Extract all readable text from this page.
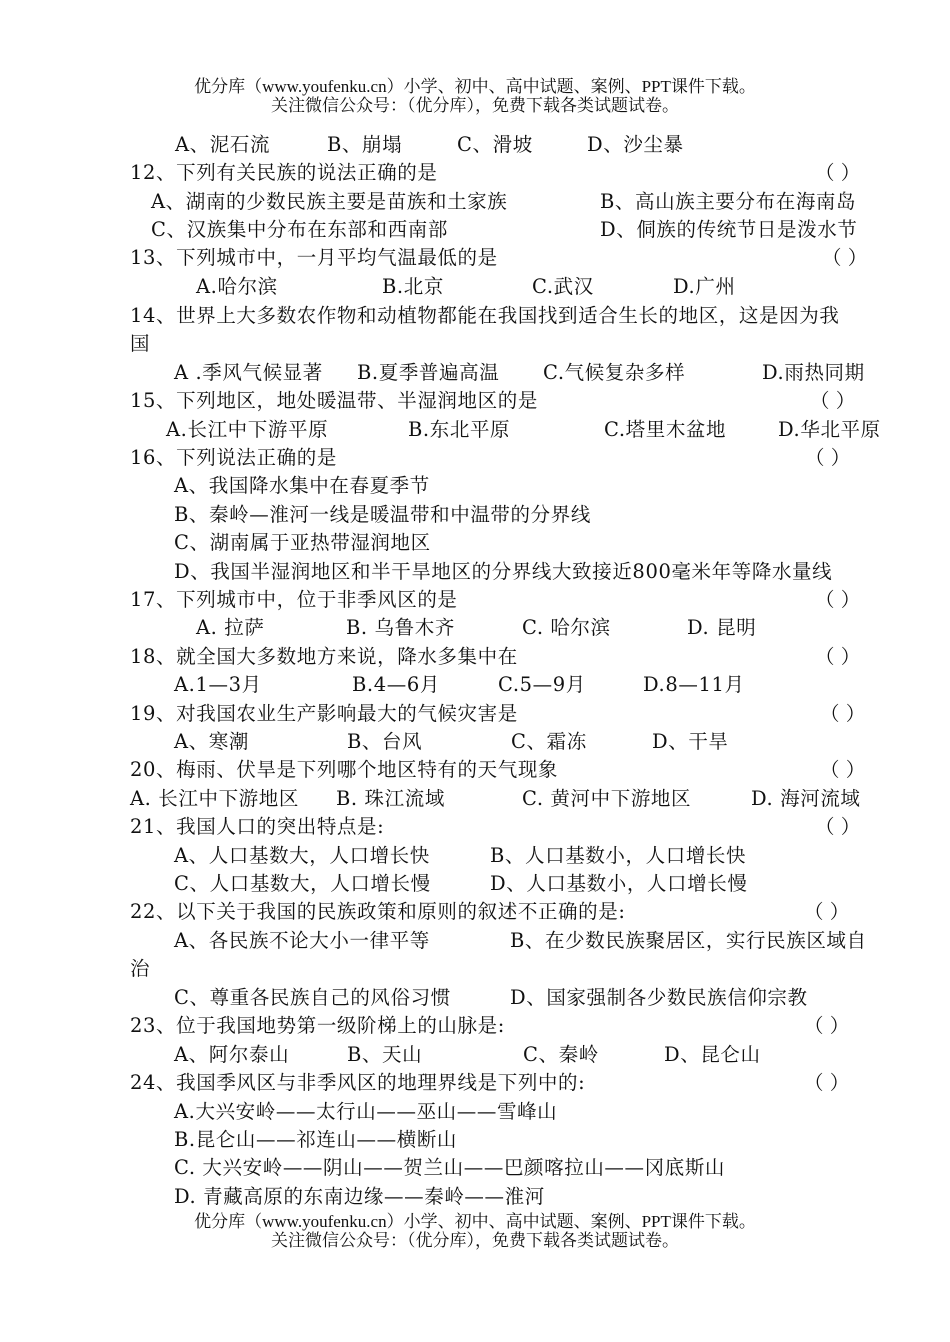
优分库（www.youfenku.cn）小学、初中、高中试题、案例、PPT课件下载。
关注微信公众号：（优分库），免费下载各类试题试卷。
A、泥石流	B、崩塌	C、滑坡	D、沙尘暴
12、下列有关民族的说法正确的是	（ ）
A、湖南的少数民族主要是苗族和土家族	B、高山族主要分布在海南岛
C、汉族集中分布在东部和西南部	D、侗族的传统节日是泼水节
13、下列城市中，一月平均气温最低的是	（ ）
A.哈尔滨	B.北京	C.武汉	D.广州
14、世界上大多数农作物和动植物都能在我国找到适合生长的地区，这是因为我
国
A .季风气候显著 B.夏季普遍高温 C.气候复杂多样	D.雨热同期
15、下列地区，地处暖温带、半湿润地区的是	（ ）
A.长江中下游平原	B.东北平原	C.塔里木盆地	D.华北平原
16、下列说法正确的是	（ ）
A、我国降水集中在春夏季节
B、秦岭—淮河一线是暖温带和中温带的分界线
C、湖南属于亚热带湿润地区
D、我国半湿润地区和半干旱地区的分界线大致接近800毫米年等降水量线
17、下列城市中，位于非季风区的是	（ ）
A. 拉萨	B. 乌鲁木齐	C. 哈尔滨	D. 昆明
18、就全国大多数地方来说，降水多集中在	（ ）
A.1—3月	B.4—6月	C.5—9月	D.8—11月
19、对我国农业生产影响最大的气候灾害是	（ ）
A、寒潮	B、台风	C、霜冻	D、干旱
20、梅雨、伏旱是下列哪个地区特有的天气现象	（ ）
A. 长江中下游地区 B. 珠江流域	C. 黄河中下游地区	D. 海河流域
21、我国人口的突出特点是:	（ ）
A、人口基数大，人口增长快	B、人口基数小，人口增长快
C、人口基数大，人口增长慢	D、人口基数小，人口增长慢
22、以下关于我国的民族政策和原则的叙述不正确的是:	（ ）
A、各民族不论大小一律平等	B、在少数民族聚居区，实行民族区域自
治
C、尊重各民族自己的风俗习惯	D、国家强制各少数民族信仰宗教
23、位于我国地势第一级阶梯上的山脉是:	（ ）
A、阿尔泰山	B、天山	C、秦岭	D、昆仑山
24、我国季风区与非季风区的地理界线是下列中的:	（ ）
A.大兴安岭——太行山——巫山——雪峰山
B.昆仑山——祁连山——横断山
C. 大兴安岭——阴山——贺兰山——巴颜喀拉山——冈底斯山
D. 青藏高原的东南边缘——秦岭——淮河
优分库（www.youfenku.cn）小学、初中、高中试题、案例、PPT课件下载。
关注微信公众号：（优分库），免费下载各类试题试卷。
